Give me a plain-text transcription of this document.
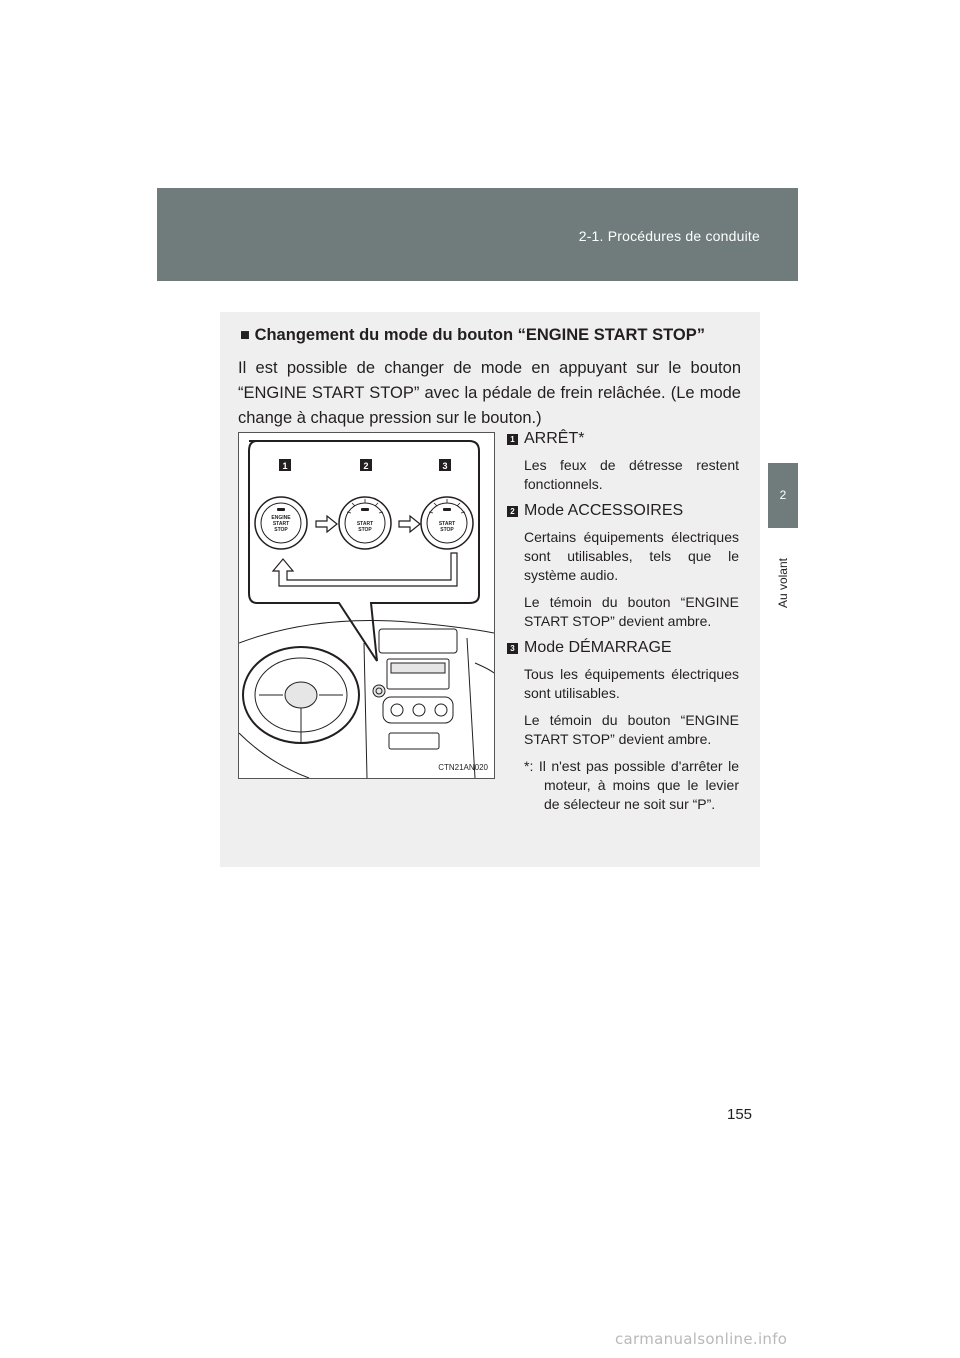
2-1. Procédures de conduite
2
Au volant
■ Changement du mode du bouton “ENGINE START STOP”
Il est possible de changer de mode en appuyant sur le bouton “ENGINE START STOP” avec la pédale de frein relâchée. (Le mode change à chaque pression sur le bouton.)
1	2	3
ENGINE
START
STOP
START
STOP
START
STOP
CTN21AN020
1 ARRÊT*
Les feux de détresse restent fonctionnels.
2 Mode ACCESSOIRES
Certains équipements électriques sont utilisables, tels que le système audio.
Le témoin du bouton “ENGINE START STOP” devient ambre.
3 Mode DÉMARRAGE
Tous les équipements électriques sont utilisables.
Le témoin du bouton “ENGINE START STOP” devient ambre.
*: Il n'est pas possible d'arrêter le moteur, à moins que le levier de sélecteur ne soit sur “P”.
155
carmanualsonline.info
